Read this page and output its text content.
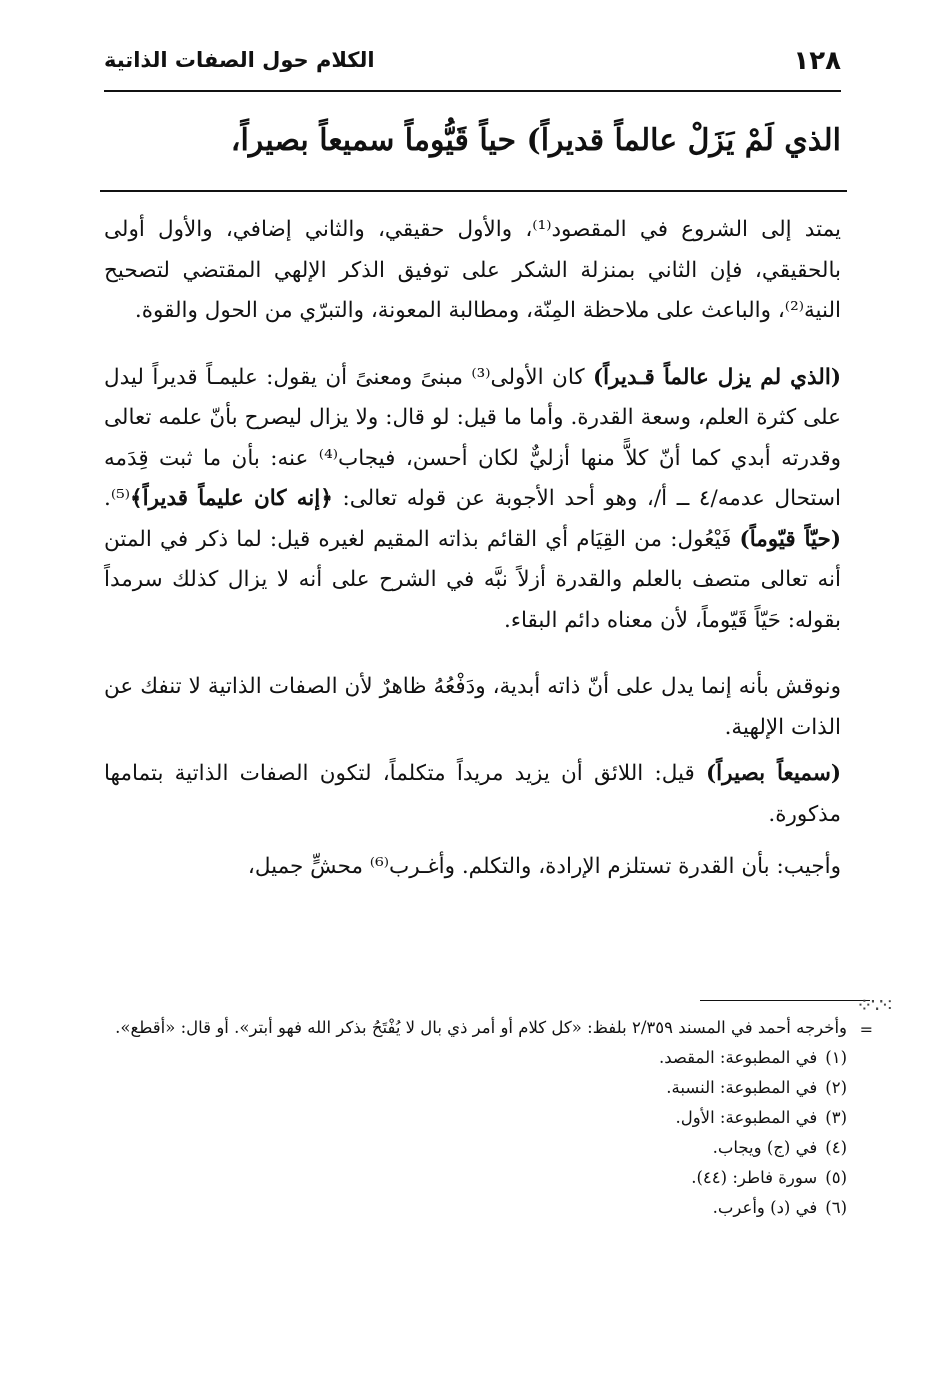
١٢٨
الكلام حول الصفات الذاتية
الذي لَمْ يَزَلْ عالماً قديراً) حياً قَيُّوماً سميعاً بصيراً،

يمتد إلى الشروع في المقصود⁽¹⁾، والأول حقيقي، والثاني إضافي، والأول أولى بالحقيقي، فإن الثاني بمنزلة الشكر على توفيق الذكر الإلهي المقتضي لتصحيح النية⁽²⁾، والباعث على ملاحظة المِنّة، ومطالبة المعونة، والتبرّي من الحول والقوة.

(الذي لم يزل عالماً قـديراً) كان الأولى⁽³⁾ مبنىً ومعنىً أن يقول: عليمـاً قديراً ليدل على كثرة العلم، وسعة القدرة. وأما ما قيل: لو قال: ولا يزال ليصرح بأنّ علمه تعالى وقدرته أبدي كما أنّ كلاًّ منها أزليٌّ لكان أحسن، فيجاب⁽⁴⁾ عنه: بأن ما ثبت قِدَمه استحال عدمه/٤ ــ أ/، وهو أحد الأجوبة عن قوله تعالى: ﴿إنه كان عليماً قديراً﴾⁽⁵⁾. (حيّاً قيّوماً) فَيْعُول: من القِيَام أي القائم بذاته المقيم لغيره قيل: لما ذكر في المتن أنه تعالى متصف بالعلم والقدرة أزلاً نبَّه في الشرح على أنه لا يزال كذلك سرمداً بقوله: حَيّاً قَيّوماً، لأن معناه دائم البقاء.

ونوقش بأنه إنما يدل على أنّ ذاته أبدية، ودَفْعُهُ ظاهرٌ لأن الصفات الذاتية لا تنفك عن الذات الإلهية.

(سميعاً بصيراً) قيل: اللائق أن يزيد مريداً متكلماً، لتكون الصفات الذاتية بتمامها مذكورة.

وأجيب: بأن القدرة تستلزم الإرادة، والتكلم. وأغـرب⁽⁶⁾ محشٍّ جميل،

⁘∵⁖
=

وأخرجه أحمد في المسند ٢/٣٥٩ بلفظ: «كل كلام أو أمر ذي بال لا يُفْتَحُ بذكر الله فهو أبتر». أو قال: «أقطع».

(١)في المطبوعة: المقصد.
(٢)في المطبوعة: النسبة.
(٣)في المطبوعة: الأول.
(٤)في (ج) ويجاب.
(٥)سورة فاطر: (٤٤).
(٦)في (د) وأعرب.
